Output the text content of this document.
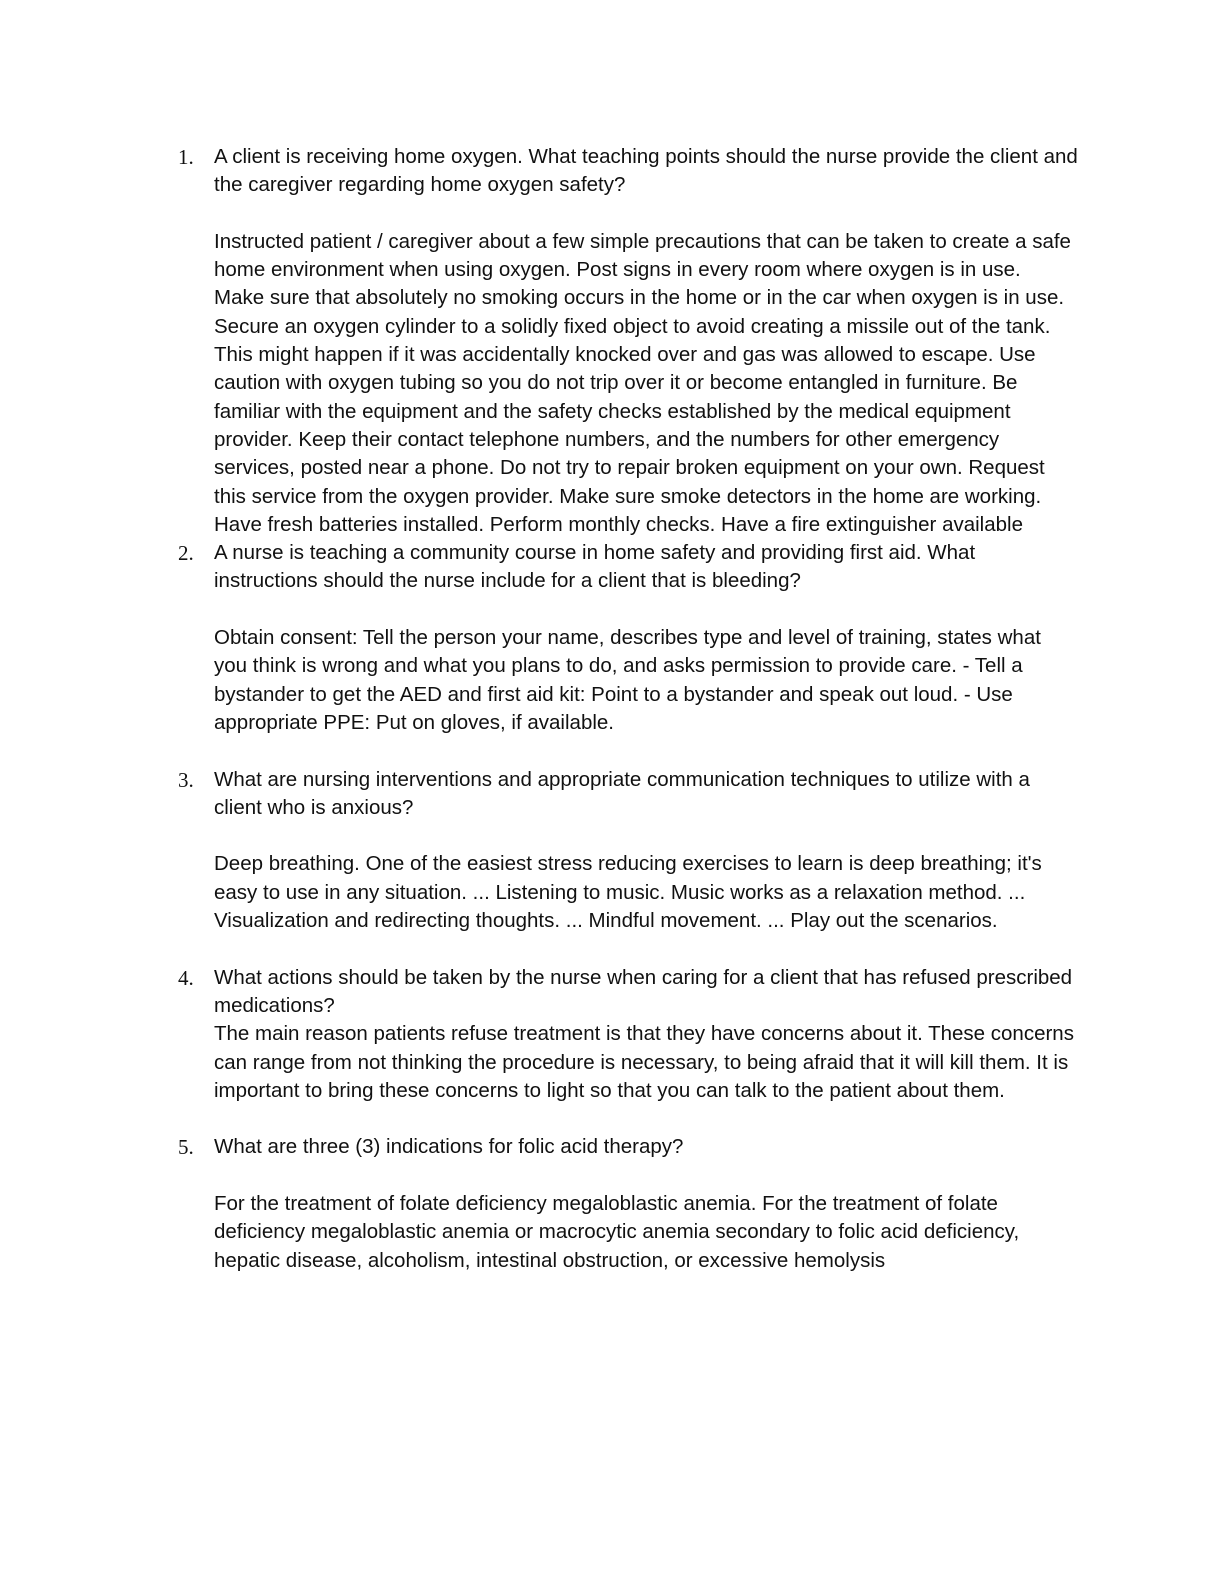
1. A client is receiving home oxygen. What teaching points should the nurse provide the client and the caregiver regarding home oxygen safety?

Instructed patient / caregiver about a few simple precautions that can be taken to create a safe home environment when using oxygen. Post signs in every room where oxygen is in use. Make sure that absolutely no smoking occurs in the home or in the car when oxygen is in use. Secure an oxygen cylinder to a solidly fixed object to avoid creating a missile out of the tank. This might happen if it was accidentally knocked over and gas was allowed to escape. Use caution with oxygen tubing so you do not trip over it or become entangled in furniture. Be familiar with the equipment and the safety checks established by the medical equipment provider. Keep their contact telephone numbers, and the numbers for other emergency services, posted near a phone. Do not try to repair broken equipment on your own. Request this service from the oxygen provider. Make sure smoke detectors in the home are working. Have fresh batteries installed. Perform monthly checks. Have a fire extinguisher available

2. A nurse is teaching a community course in home safety and providing first aid. What instructions should the nurse include for a client that is bleeding?

Obtain consent: Tell the person your name, describes type and level of training, states what you think is wrong and what you plans to do, and asks permission to provide care. - Tell a bystander to get the AED and first aid kit: Point to a bystander and speak out loud. - Use appropriate PPE: Put on gloves, if available.

3. What are nursing interventions and appropriate communication techniques to utilize with a client who is anxious?

Deep breathing. One of the easiest stress reducing exercises to learn is deep breathing; it's easy to use in any situation. ... Listening to music. Music works as a relaxation method. ... Visualization and redirecting thoughts. ... Mindful movement. ... Play out the scenarios.

4. What actions should be taken by the nurse when caring for a client that has refused prescribed medications?

The main reason patients refuse treatment is that they have concerns about it. These concerns can range from not thinking the procedure is necessary, to being afraid that it will kill them. It is important to bring these concerns to light so that you can talk to the patient about them.

5. What are three (3) indications for folic acid therapy?

For the treatment of folate deficiency megaloblastic anemia. For the treatment of folate deficiency megaloblastic anemia or macrocytic anemia secondary to folic acid deficiency, hepatic disease, alcoholism, intestinal obstruction, or excessive hemolysis
